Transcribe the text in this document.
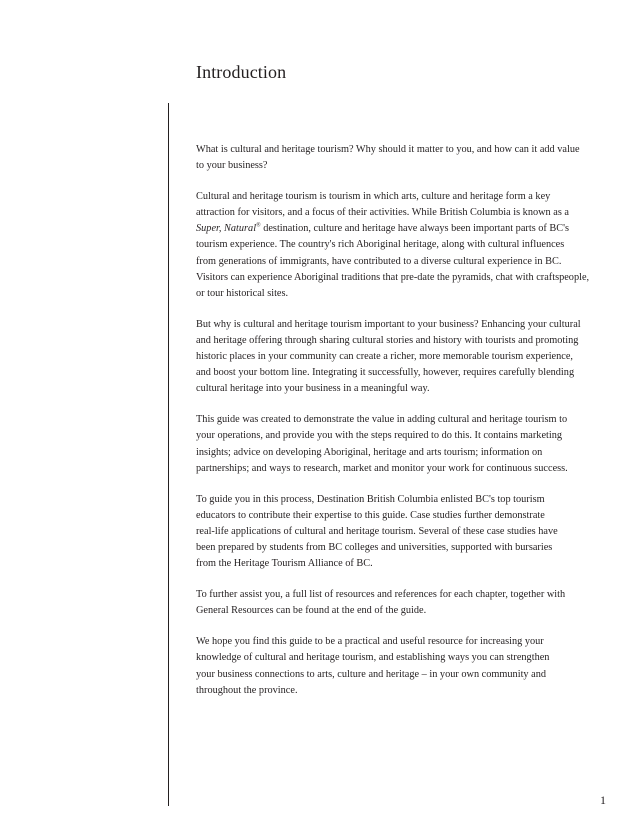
Introduction

What is cultural and heritage tourism? Why should it matter to you, and how can it add value
to your business?

Cultural and heritage tourism is tourism in which arts, culture and heritage form a key
attraction for visitors, and a focus of their activities. While British Columbia is known as a
Super, Natural® destination, culture and heritage have always been important parts of BC's
tourism experience. The country's rich Aboriginal heritage, along with cultural influences
from generations of immigrants, have contributed to a diverse cultural experience in BC.
Visitors can experience Aboriginal traditions that pre-date the pyramids, chat with craftspeople,
or tour historical sites.

But why is cultural and heritage tourism important to your business? Enhancing your cultural
and heritage offering through sharing cultural stories and history with tourists and promoting
historic places in your community can create a richer, more memorable tourism experience,
and boost your bottom line. Integrating it successfully, however, requires carefully blending
cultural heritage into your business in a meaningful way.

This guide was created to demonstrate the value in adding cultural and heritage tourism to
your operations, and provide you with the steps required to do this. It contains marketing
insights; advice on developing Aboriginal, heritage and arts tourism; information on
partnerships; and ways to research, market and monitor your work for continuous success.

To guide you in this process, Destination British Columbia enlisted BC's top tourism
educators to contribute their expertise to this guide. Case studies further demonstrate
real-life applications of cultural and heritage tourism. Several of these case studies have
been prepared by students from BC colleges and universities, supported with bursaries
from the Heritage Tourism Alliance of BC.

To further assist you, a full list of resources and references for each chapter, together with
General Resources can be found at the end of the guide.

We hope you find this guide to be a practical and useful resource for increasing your
knowledge of cultural and heritage tourism, and establishing ways you can strengthen
your business connections to arts, culture and heritage – in your own community and
throughout the province.

1
